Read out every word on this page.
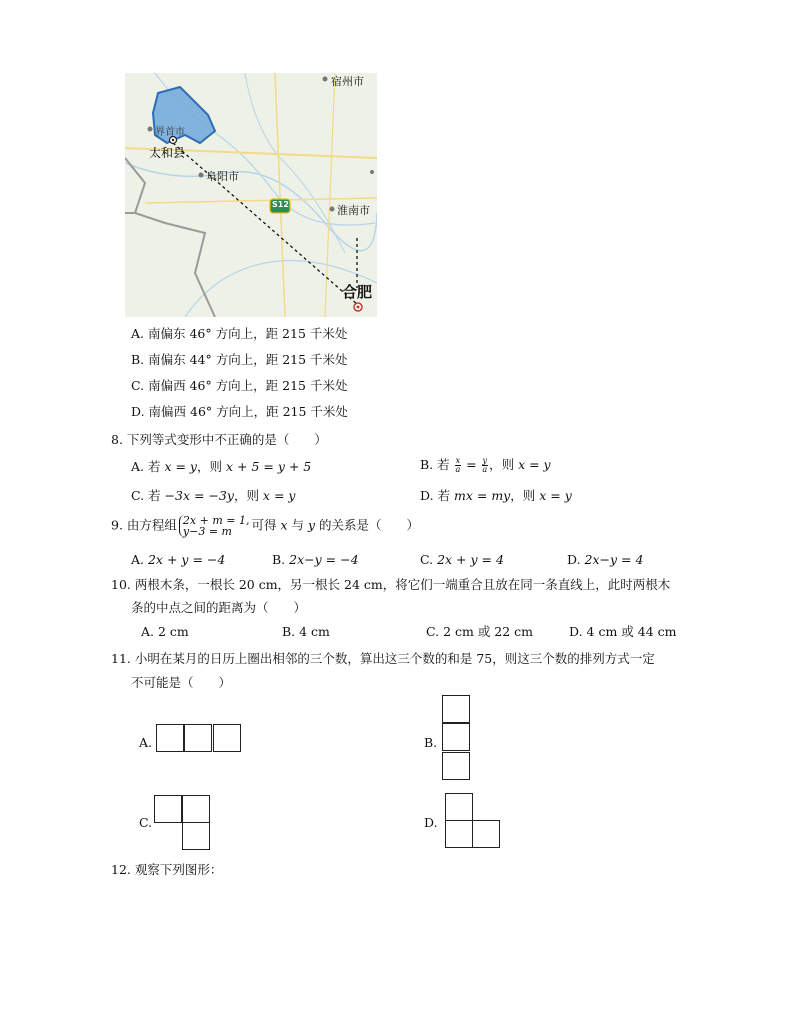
宿州市
界首市
太和县
阜阳市
S12	淮南市
合肥
A. 南偏东 46° 方向上，距 215 千米处
B. 南偏东 44° 方向上，距 215 千米处
C. 南偏西 46° 方向上，距 215 千米处
D. 南偏西 46° 方向上，距 215 千米处
8. 下列等式变形中不正确的是（　　）
A. 若 x = y，则 x + 5 = y + 5	B. 若 $\frac{x}{a} = \frac{y}{a}$ ，则 x = y
C. 若 −3x = −3y，则 x = y	D. 若 mx = my，则 x = y
9. 由方程组 2x + m = 1,
y−3 = m	可得 x 与 y 的关系是（　　）
A. 2x + y = −4	B. 2x−y = −4	C. 2x + y = 4	D. 2x−y = 4
10. 两根木条，一根长 20 cm，另一根长 24 cm，将它们一端重合且放在同一条直线上，此时两根木
条的中点之间的距离为（　　）
A. 2 cm	B. 4 cm	C. 2 cm 或 22 cm	D. 4 cm 或 44 cm
11. 小明在某月的日历上圈出相邻的三个数，算出这三个数的和是 75，则这三个数的排列方式一定
不可能是（　　）
A.	B.
C.	D.
12. 观察下列图形：
